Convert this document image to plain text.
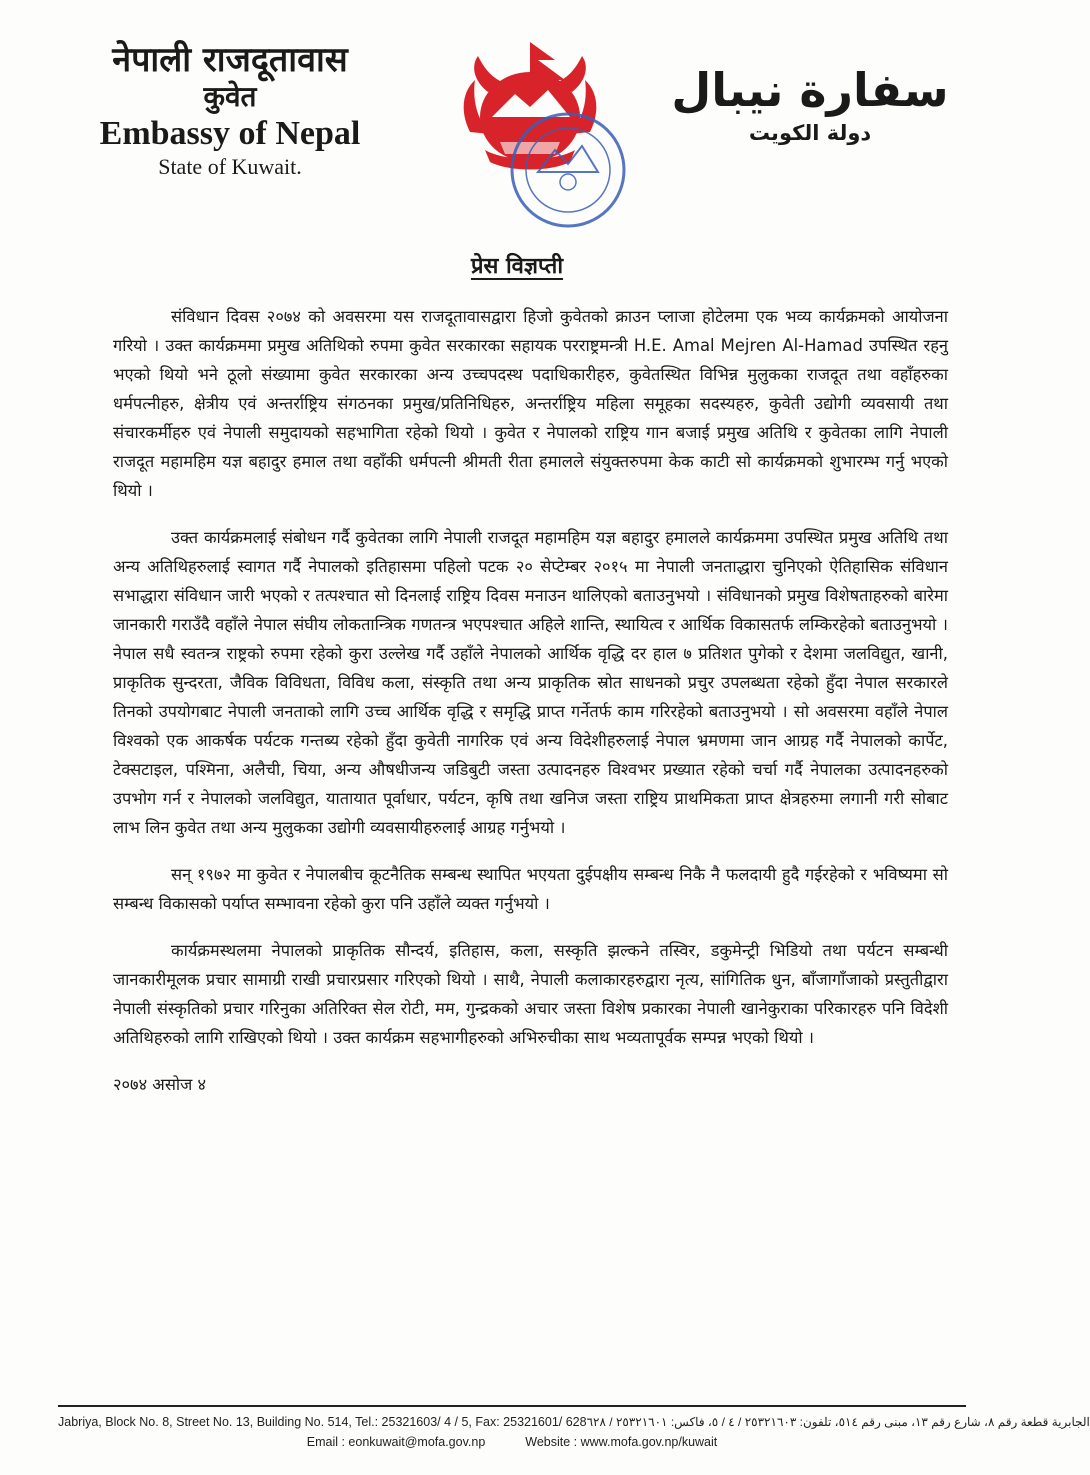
नेपाली राजदूतावास
कुवेत
Embassy of Nepal
State of Kuwait.
سفارة نيبال
دولة الكويت
प्रेस विज्ञप्ती

संविधान दिवस २०७४ को अवसरमा यस राजदूतावासद्वारा हिजो कुवेतको क्राउन प्लाजा होटेलमा एक भव्य कार्यक्रमको आयोजना गरियो । उक्त कार्यक्रममा प्रमुख अतिथिको रुपमा कुवेत सरकारका सहायक परराष्ट्रमन्त्री H.E. Amal Mejren Al-Hamad उपस्थित रहनु भएको थियो भने ठूलो संख्यामा कुवेत सरकारका अन्य उच्चपदस्थ पदाधिकारीहरु, कुवेतस्थित विभिन्न मुलुकका राजदूत तथा वहाँहरुका धर्मपत्नीहरु, क्षेत्रीय एवं अन्तर्राष्ट्रिय संगठनका प्रमुख/प्रतिनिधिहरु, अन्तर्राष्ट्रिय महिला समूहका सदस्यहरु, कुवेती उद्योगी व्यवसायी तथा संचारकर्मीहरु एवं नेपाली समुदायको सहभागिता रहेको थियो । कुवेत र नेपालको राष्ट्रिय गान बजाई प्रमुख अतिथि र कुवेतका लागि नेपाली राजदूत महामहिम यज्ञ बहादुर हमाल तथा वहाँकी धर्मपत्नी श्रीमती रीता हमालले संयुक्तरुपमा केक काटी सो कार्यक्रमको शुभारम्भ गर्नु भएको थियो ।

उक्त कार्यक्रमलाई संबोधन गर्दै कुवेतका लागि नेपाली राजदूत महामहिम यज्ञ बहादुर हमालले कार्यक्रममा उपस्थित प्रमुख अतिथि तथा अन्य अतिथिहरुलाई स्वागत गर्दै नेपालको इतिहासमा पहिलो पटक २० सेप्टेम्बर २०१५ मा नेपाली जनताद्धारा चुनिएको ऐतिहासिक संविधान सभाद्धारा संविधान जारी भएको र तत्पश्चात सो दिनलाई राष्ट्रिय दिवस मनाउन थालिएको बताउनुभयो । संविधानको प्रमुख विशेषताहरुको बारेमा जानकारी गराउँदै वहाँले नेपाल संघीय लोकतान्त्रिक गणतन्त्र भएपश्चात अहिले शान्ति, स्थायित्व र आर्थिक विकासतर्फ लम्किरहेको बताउनुभयो । नेपाल सधै स्वतन्त्र राष्ट्रको रुपमा रहेको कुरा उल्लेख गर्दै उहाँले नेपालको आर्थिक वृद्धि दर हाल ७ प्रतिशत पुगेको र देशमा जलविद्युत, खानी, प्राकृतिक सुन्दरता, जैविक विविधता, विविध कला, संस्कृति तथा अन्य प्राकृतिक स्रोत साधनको प्रचुर उपलब्धता रहेको हुँदा नेपाल सरकारले तिनको उपयोगबाट नेपाली जनताको लागि उच्च आर्थिक वृद्धि र समृद्धि प्राप्त गर्नेतर्फ काम गरिरहेको बताउनुभयो । सो अवसरमा वहाँले नेपाल विश्वको एक आकर्षक पर्यटक गन्तब्य रहेको हुँदा कुवेती नागरिक एवं अन्य विदेशीहरुलाई नेपाल भ्रमणमा जान आग्रह गर्दै नेपालको कार्पेट, टेक्सटाइल, पश्मिना, अलैची, चिया, अन्य औषधीजन्य जडिबुटी जस्ता उत्पादनहरु विश्वभर प्रख्यात रहेको चर्चा गर्दै नेपालका उत्पादनहरुको उपभोग गर्न र नेपालको जलविद्युत, यातायात पूर्वाधार, पर्यटन, कृषि तथा खनिज जस्ता राष्ट्रिय प्राथमिकता प्राप्त क्षेत्रहरुमा लगानी गरी सोबाट लाभ लिन कुवेत तथा अन्य मुलुकका उद्योगी व्यवसायीहरुलाई आग्रह गर्नुभयो ।

सन् १९७२ मा कुवेत र नेपालबीच कूटनैतिक सम्बन्ध स्थापित भएयता दुईपक्षीय सम्बन्ध निकै नै फलदायी हुदै गईरहेको र भविष्यमा सो सम्बन्ध विकासको पर्याप्त सम्भावना रहेको कुरा पनि उहाँले व्यक्त गर्नुभयो ।

कार्यक्रमस्थलमा नेपालको प्राकृतिक सौन्दर्य, इतिहास, कला, सस्कृति झल्कने तस्विर, डकुमेन्ट्री भिडियो तथा पर्यटन सम्बन्धी जानकारीमूलक प्रचार सामाग्री राखी प्रचारप्रसार गरिएको थियो । साथै, नेपाली कलाकारहरुद्वारा नृत्य, सांगितिक धुन, बाँजागाँजाको प्रस्तुतीद्वारा नेपाली संस्कृतिको प्रचार गरिनुका अतिरिक्त सेल रोटी, मम, गुन्द्रकको अचार जस्ता विशेष प्रकारका नेपाली खानेकुराका परिकारहरु पनि विदेशी अतिथिहरुको लागि राखिएको थियो । उक्त कार्यक्रम सहभागीहरुको अभिरुचीका साथ भव्यतापूर्वक सम्पन्न भएको थियो ।

२०७४ असोज ४

Jabriya, Block No. 8, Street No. 13, Building No. 514, Tel.: 25321603/ 4 / 5, Fax: 25321601/ 628 الجابرية قطعة رقم ٨، شارع رقم ١٣، مبنى رقم ٥١٤، تلفون: ٢٥٣٢١٦٠٣ / ٤ / ٥، فاكس: ٢٥٣٢١٦٠١ / ٦٢٨
Email : eonkuwait@mofa.gov.np	Website : www.mofa.gov.np/kuwait
